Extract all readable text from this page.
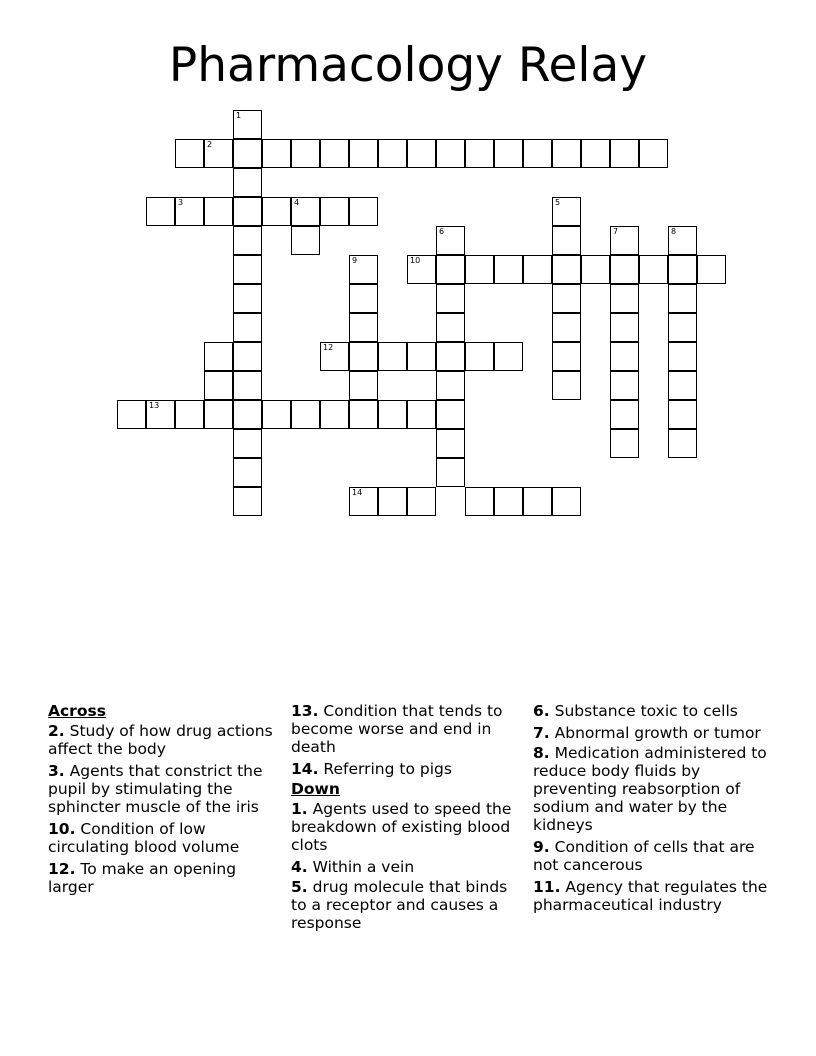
Pharmacology Relay
2
1
3	4	5
6	7	8
9	10
12
13
14
Across
2. Study of how drug actions affect the body
3. Agents that constrict the pupil by stimulating the sphincter muscle of the iris
10. Condition of low circulating blood volume
12. To make an opening larger
13. Condition that tends to become worse and end in death
14. Referring to pigs
Down
1. Agents used to speed the breakdown of existing blood clots
4. Within a vein
5. drug molecule that binds to a receptor and causes a response
6. Substance toxic to cells
7. Abnormal growth or tumor
8. Medication administered to reduce body fluids by preventing reabsorption of sodium and water by the kidneys
9. Condition of cells that are not cancerous
11. Agency that regulates the pharmaceutical industry
